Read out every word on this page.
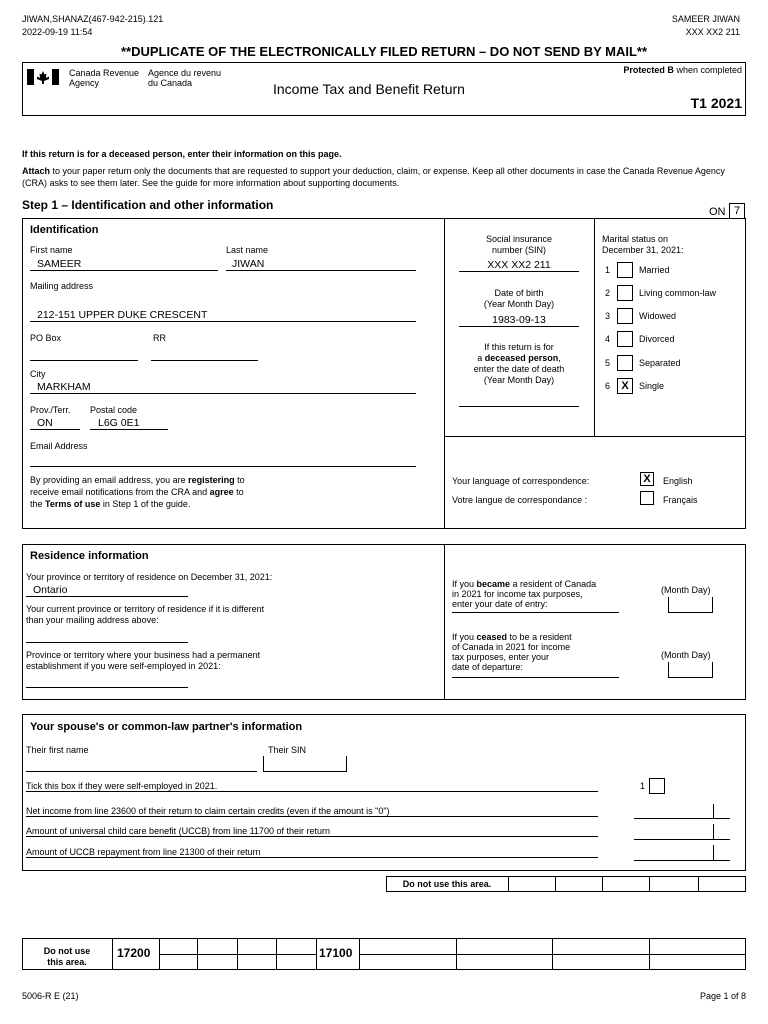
JIWAN,SHANAZ(467-942-215).121
2022-09-19 11:54
SAMEER JIWAN
XXX XX2 211
**DUPLICATE OF THE ELECTRONICALLY FILED RETURN – DO NOT SEND BY MAIL**
Canada Revenue
Agency
Agence du revenu
du Canada	Income Tax and Benefit Return
Protected B when completed
T1 2021
If this return is for a deceased person, enter their information on this page.
Attach to your paper return only the documents that are requested to support your deduction, claim, or expense. Keep all other documents in case the Canada Revenue Agency (CRA) asks to see them later. See the guide for more information about supporting documents.
Step 1 – Identification and other information	ON 7
Identification
First name	Last name
SAMEER	JIWAN
Mailing address
212-151 UPPER DUKE CRESCENT
PO Box	RR
City
MARKHAM
Prov./Terr. Postal code
ON	L6G 0E1
Email Address
By providing an email address, you are registering to
receive email notifications from the CRA and agree to
the Terms of use in Step 1 of the guide.
Social insurance
number (SIN)
XXX XX2 211
Date of birth
(Year Month Day)
1983-09-13
If this return is for
a deceased person,
enter the date of death
(Year Month Day)
Marital status on
December 31, 2021:
1	Married
2	Living common-law
3	Widowed
4	Divorced
5	Separated
6	X	Single
Your language of correspondence:
Votre langue de correspondance :
X	English
Français
Residence information
Your province or territory of residence on December 31, 2021:
Ontario
Your current province or territory of residence if it is different
than your mailing address above:
Province or territory where your business had a permanent
establishment if you were self-employed in 2021:
If you became a resident of Canada
in 2021 for income tax purposes,
enter your date of entry:
(Month Day)
If you ceased to be a resident
of Canada in 2021 for income
tax purposes, enter your
date of departure:
(Month Day)
Your spouse's or common-law partner's information
Their first name	Their SIN
Tick this box if they were self-employed in 2021.	1
Net income from line 23600 of their return to claim certain credits (even if the amount is "0")
Amount of universal child care benefit (UCCB) from line 11700 of their return
Amount of UCCB repayment from line 21300 of their return
Do not use this area.
Do not use
this area.
17200	17100
5006-R E (21)	Page 1 of 8
